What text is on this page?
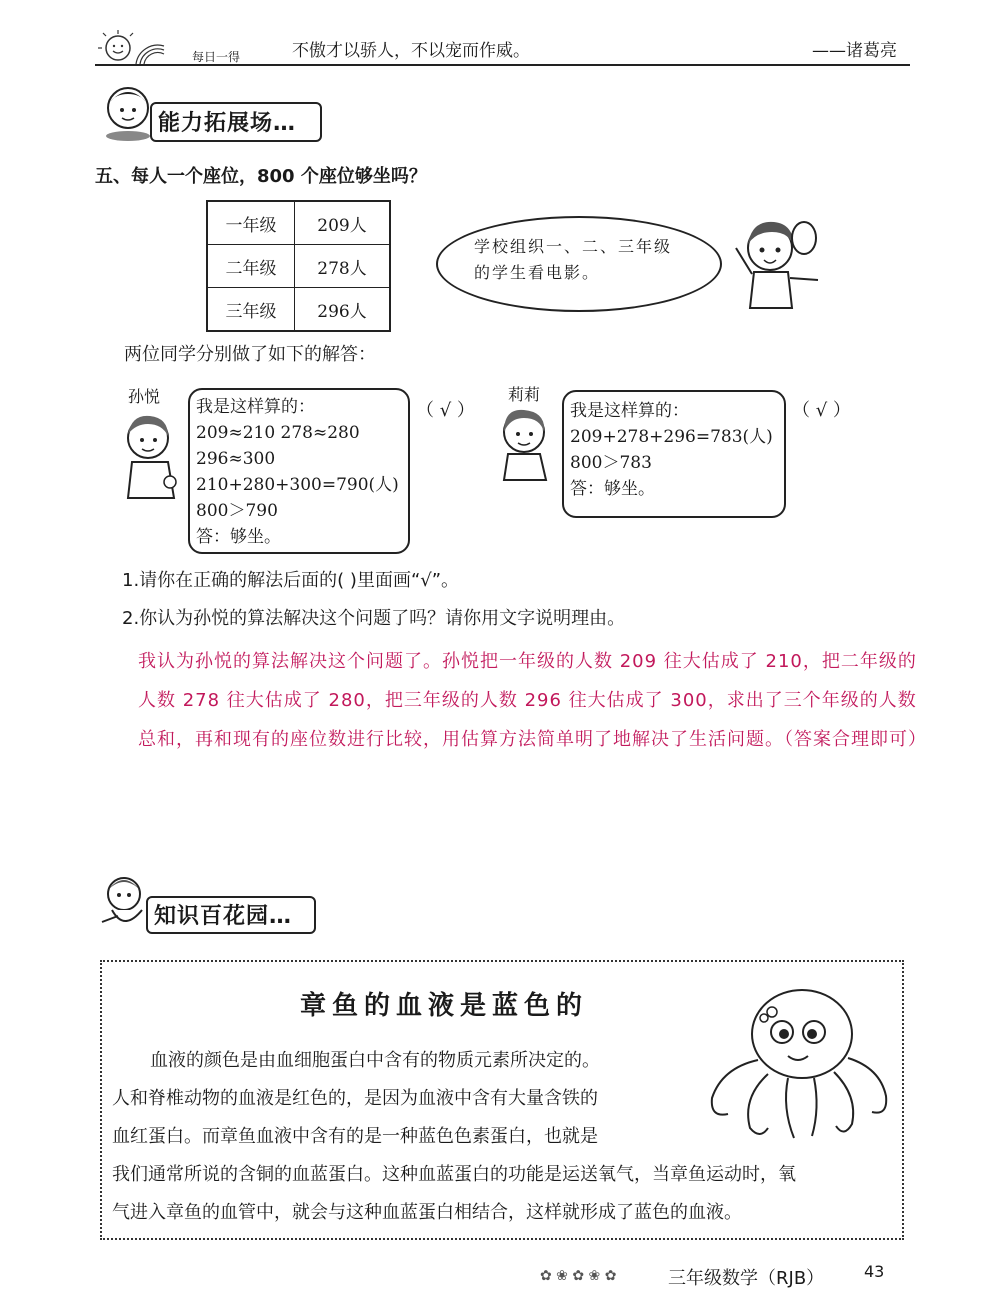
每日一得	不傲才以骄人，不以宠而作威。	——诸葛亮
能力拓展场…
五、每人一个座位，800 个座位够坐吗？
一年级	209人
二年级	278人
三年级	296人
学校组织一、二、三年级
的学生看电影。
两位同学分别做了如下的解答：
孙悦
我是这样算的：
209≈210 278≈280
296≈300
210+280+300=790(人)
800＞790
答：够坐。
（ √ ）
莉莉
我是这样算的：
209+278+296=783(人)
800＞783
答：够坐。
（ √ ）
1.请你在正确的解法后面的( )里面画“√”。
2.你认为孙悦的算法解决这个问题了吗？请你用文字说明理由。
我认为孙悦的算法解决这个问题了。孙悦把一年级的人数 209 往大估成了 210，把二年级的人数 278 往大估成了 280，把三年级的人数 296 往大估成了 300，求出了三个年级的人数总和，再和现有的座位数进行比较，用估算方法简单明了地解决了生活问题。（答案合理即可）
知识百花园…
章鱼的血液是蓝色的
血液的颜色是由血细胞蛋白中含有的物质元素所决定的。
人和脊椎动物的血液是红色的，是因为血液中含有大量含铁的
血红蛋白。而章鱼血液中含有的是一种蓝色色素蛋白，也就是
我们通常所说的含铜的血蓝蛋白。这种血蓝蛋白的功能是运送氧气，当章鱼运动时，氧
气进入章鱼的血管中，就会与这种血蓝蛋白相结合，这样就形成了蓝色的血液。
✿ ❀ ✿ ❀ ✿	三年级数学（RJB） 43
